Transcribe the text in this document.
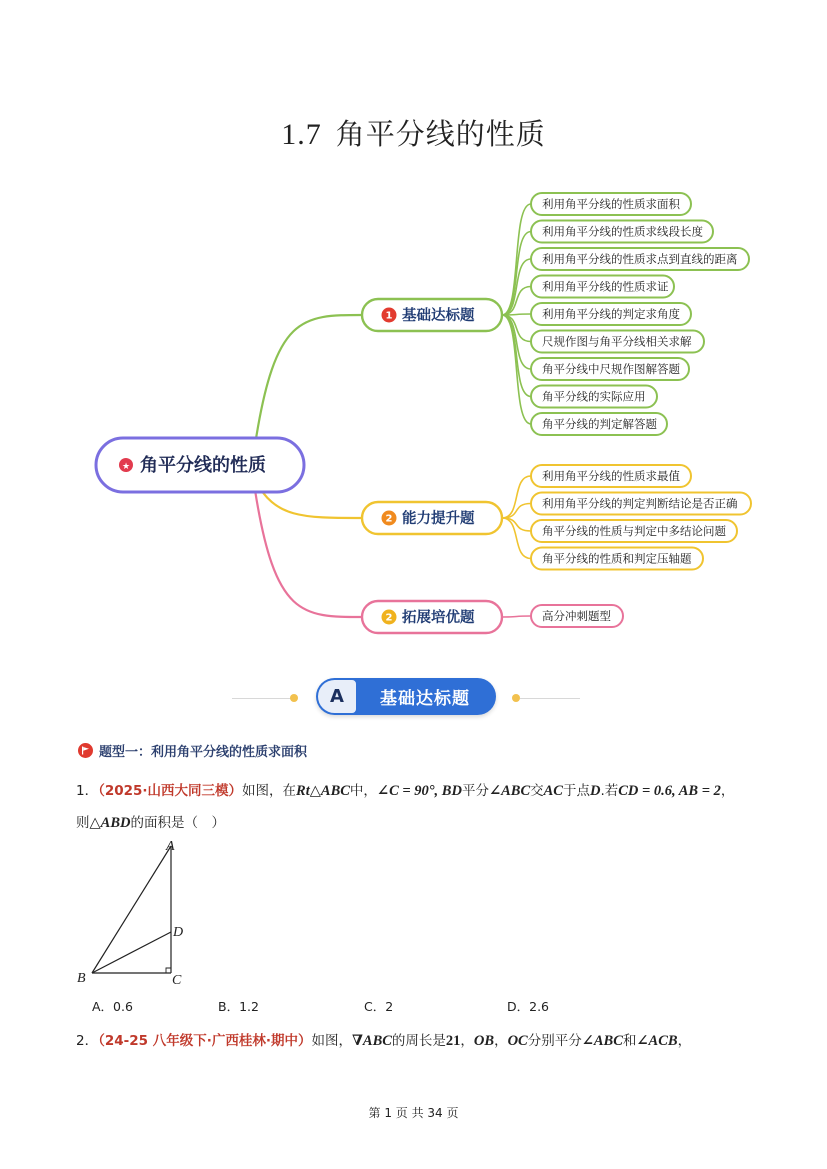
1.7 角平分线的性质
利用角平分线的性质求面积
利用角平分线的性质求线段长度
利用角平分线的性质求点到直线的距离
利用角平分线的性质求证
利用角平分线的判定求角度
尺规作图与角平分线相关求解
角平分线中尺规作图解答题
角平分线的实际应用
角平分线的判定解答题
利用角平分线的性质求最值
利用角平分线的判定判断结论是否正确
角平分线的性质与判定中多结论问题
角平分线的性质和判定压轴题
高分冲刺题型
1 基础达标题
2 能力提升题
2 拓展培优题
★ 角平分线的性质
A	基础达标题
题型一：利用角平分线的性质求面积
1．（2025·山西大同三模）如图，在Rt△ABC中，∠C = 90°, BD平分∠ABC交AC于点D.若CD = 0.6, AB = 2，
则△ABD的面积是（　）
A
B	C
D
A．0.6	B．1.2	C．2	D．2.6
2．（24-25 八年级下·广西桂林·期中）如图，∇ABC的周长是21，OB，OC分别平分∠ABC和∠ACB，
第 1 页 共 34 页
